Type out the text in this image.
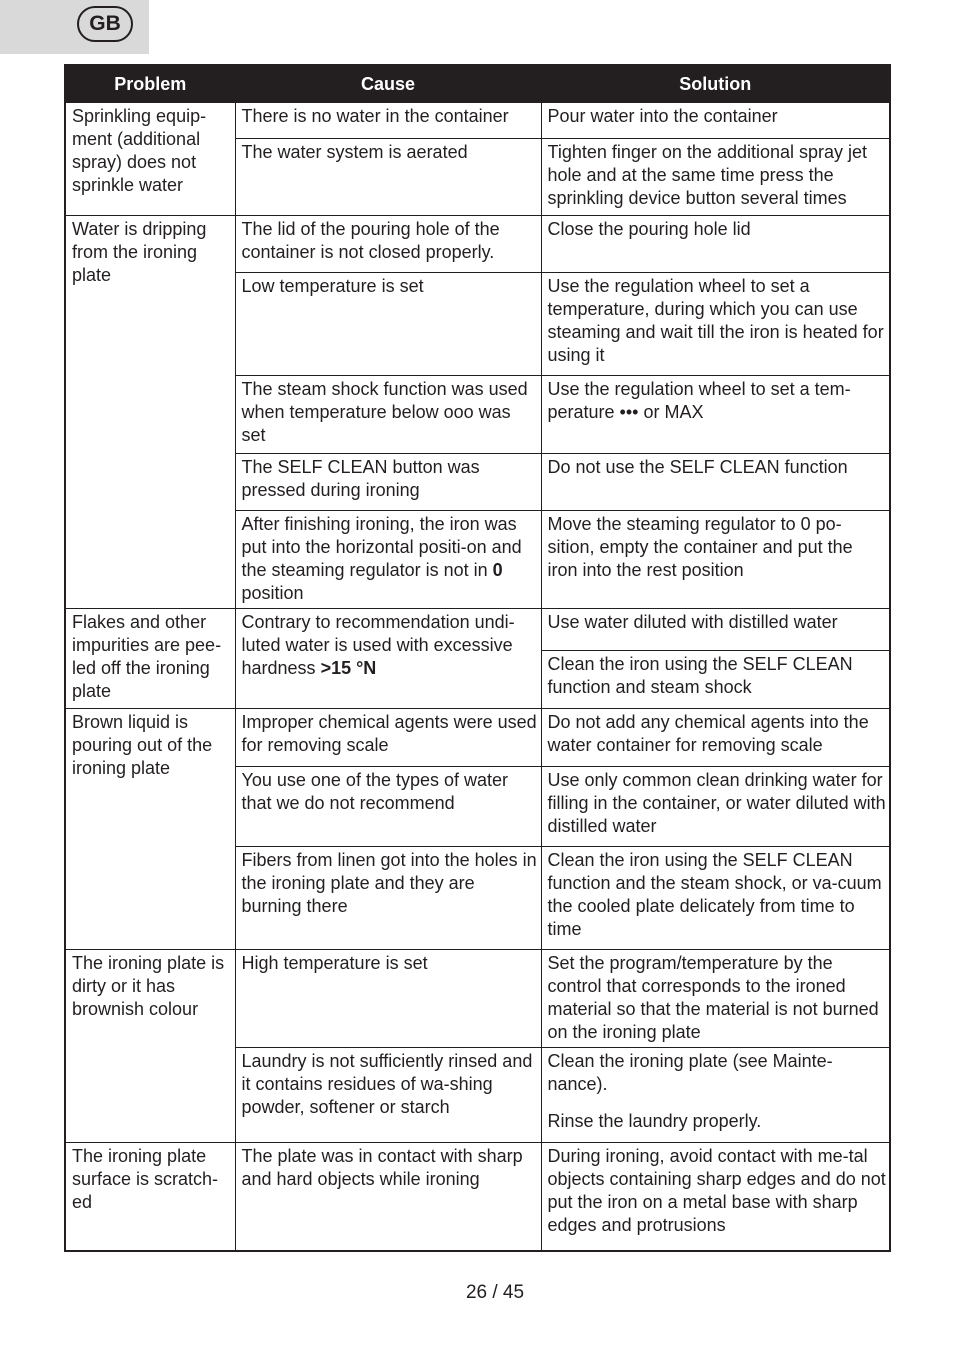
GB
Problem	Cause	Solution
Sprinkling equip-ment (additional spray) does not sprinkle water	There is no water in the container	Pour water into the container
	The water system is aerated	Tighten finger on the additional spray jet hole and at the same time press the sprinkling device button several times
Water is dripping from the ironing plate	The lid of the pouring hole of the container is not closed properly.	Close the pouring hole lid
	Low temperature is set	Use the regulation wheel to set a temperature, during which you can use steaming and wait till the iron is heated for using it
	The steam shock function was used when temperature below ooo was set	Use the regulation wheel to set a tem-perature ••• or MAX
	The SELF CLEAN button was pressed during ironing	Do not use the SELF CLEAN function
	After finishing ironing, the iron was put into the horizontal positi-on and the steaming regulator is not in 0 position	Move the steaming regulator to 0 po-sition, empty the container and put the iron into the rest position
Flakes and other impurities are pee-led off the ironing plate	Contrary to recommendation undi-luted water is used with excessive hardness >15 °N	Use water diluted with distilled water
		Clean the iron using the SELF CLEAN function and steam shock
Brown liquid is pouring out of the ironing plate	Improper chemical agents were used for removing scale	Do not add any chemical agents into the water container for removing scale
	You use one of the types of water that we do not recommend	Use only common clean drinking water for filling in the container, or water diluted with distilled water
	Fibers from linen got into the holes in the ironing plate and they are burning there	Clean the iron using the SELF CLEAN function and the steam shock, or va-cuum the cooled plate delicately from time to time
The ironing plate is dirty or it has brownish colour	High temperature is set	Set the program/temperature by the control that corresponds to the ironed material so that the material is not burned on the ironing plate
	Laundry is not sufficiently rinsed and it contains residues of wa-shing powder, softener or starch	Clean the ironing plate (see Mainte-nance).

Rinse the laundry properly.

The ironing plate surface is scratch-ed	The plate was in contact with sharp and hard objects while ironing	During ironing, avoid contact with me-tal objects containing sharp edges and do not put the iron on a metal base with sharp edges and protrusions
26 / 45
